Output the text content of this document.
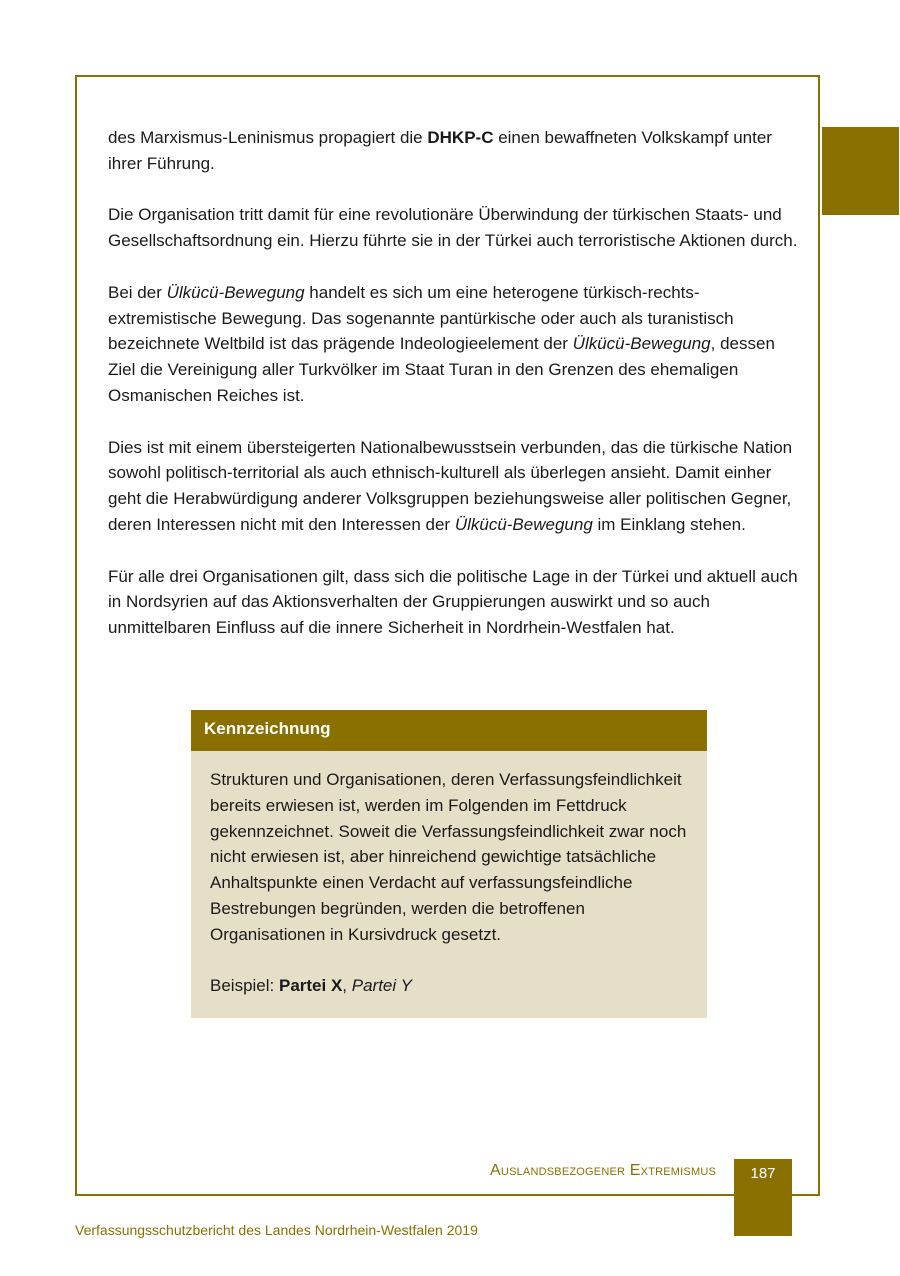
des Marxismus-Leninismus propagiert die DHKP-C einen bewaffneten Volkskampf unter ihrer Führung.

Die Organisation tritt damit für eine revolutionäre Überwindung der türkischen Staats- und Gesellschaftsordnung ein. Hierzu führte sie in der Türkei auch terroristische Aktionen durch.

Bei der Ülkücü-Bewegung handelt es sich um eine heterogene türkisch-rechts-extremistische Bewegung. Das sogenannte pantürkische oder auch als turanistisch bezeichnete Weltbild ist das prägende Indeologieelement der Ülkücü-Bewegung, dessen Ziel die Vereinigung aller Turkvölker im Staat Turan in den Grenzen des ehemaligen Osmanischen Reiches ist.

Dies ist mit einem übersteigerten Nationalbewusstsein verbunden, das die türkische Nation sowohl politisch-territorial als auch ethnisch-kulturell als überlegen ansieht. Damit einher geht die Herabwürdigung anderer Volksgruppen beziehungsweise aller politischen Gegner, deren Interessen nicht mit den Interessen der Ülkücü-Bewegung im Einklang stehen.

Für alle drei Organisationen gilt, dass sich die politische Lage in der Türkei und aktuell auch in Nordsyrien auf das Aktionsverhalten der Gruppierungen auswirkt und so auch unmittelbaren Einfluss auf die innere Sicherheit in Nordrhein-Westfalen hat.

Kennzeichnung

Strukturen und Organisationen, deren Verfassungsfeindlichkeit bereits erwiesen ist, werden im Folgenden im Fettdruck gekennzeichnet. Soweit die Verfassungsfeindlichkeit zwar noch nicht erwiesen ist, aber hinreichend gewichtige tatsächliche Anhaltspunkte einen Verdacht auf verfassungsfeindliche Bestrebungen begründen, werden die betroffenen Organisationen in Kursivdruck gesetzt.

Beispiel: Partei X, Partei Y

Auslandsbezogener Extremismus	187
Verfassungsschutzbericht des Landes Nordrhein-Westfalen 2019
